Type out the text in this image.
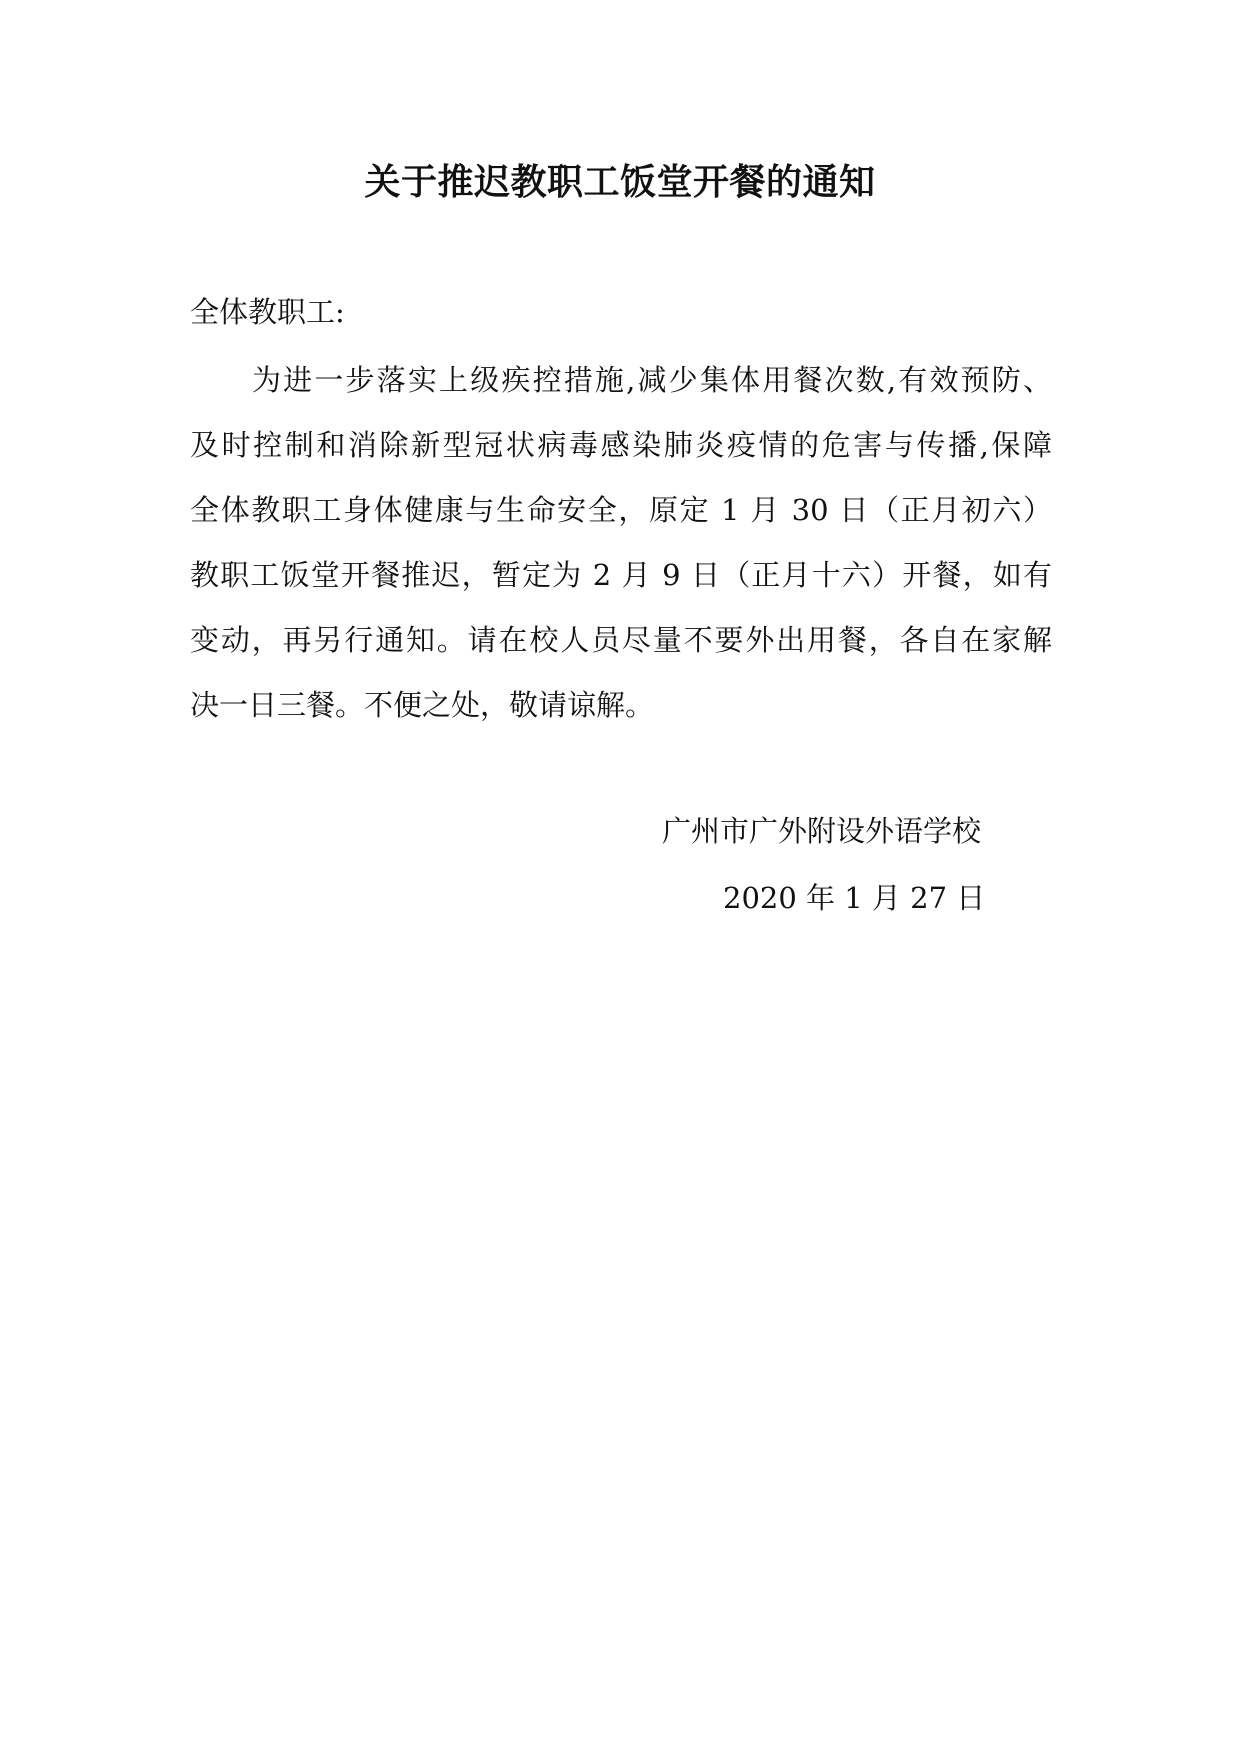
关于推迟教职工饭堂开餐的通知
全体教职工:
为进一步落实上级疾控措施,减少集体用餐次数,有效预防、
及时控制和消除新型冠状病毒感染肺炎疫情的危害与传播,保障
全体教职工身体健康与生命安全，原定 1 月 30 日（正月初六）
教职工饭堂开餐推迟，暂定为 2 月 9 日（正月十六）开餐，如有
变动，再另行通知。请在校人员尽量不要外出用餐，各自在家解
决一日三餐。不便之处，敬请谅解。
广州市广外附设外语学校
2020 年 1 月 27 日
